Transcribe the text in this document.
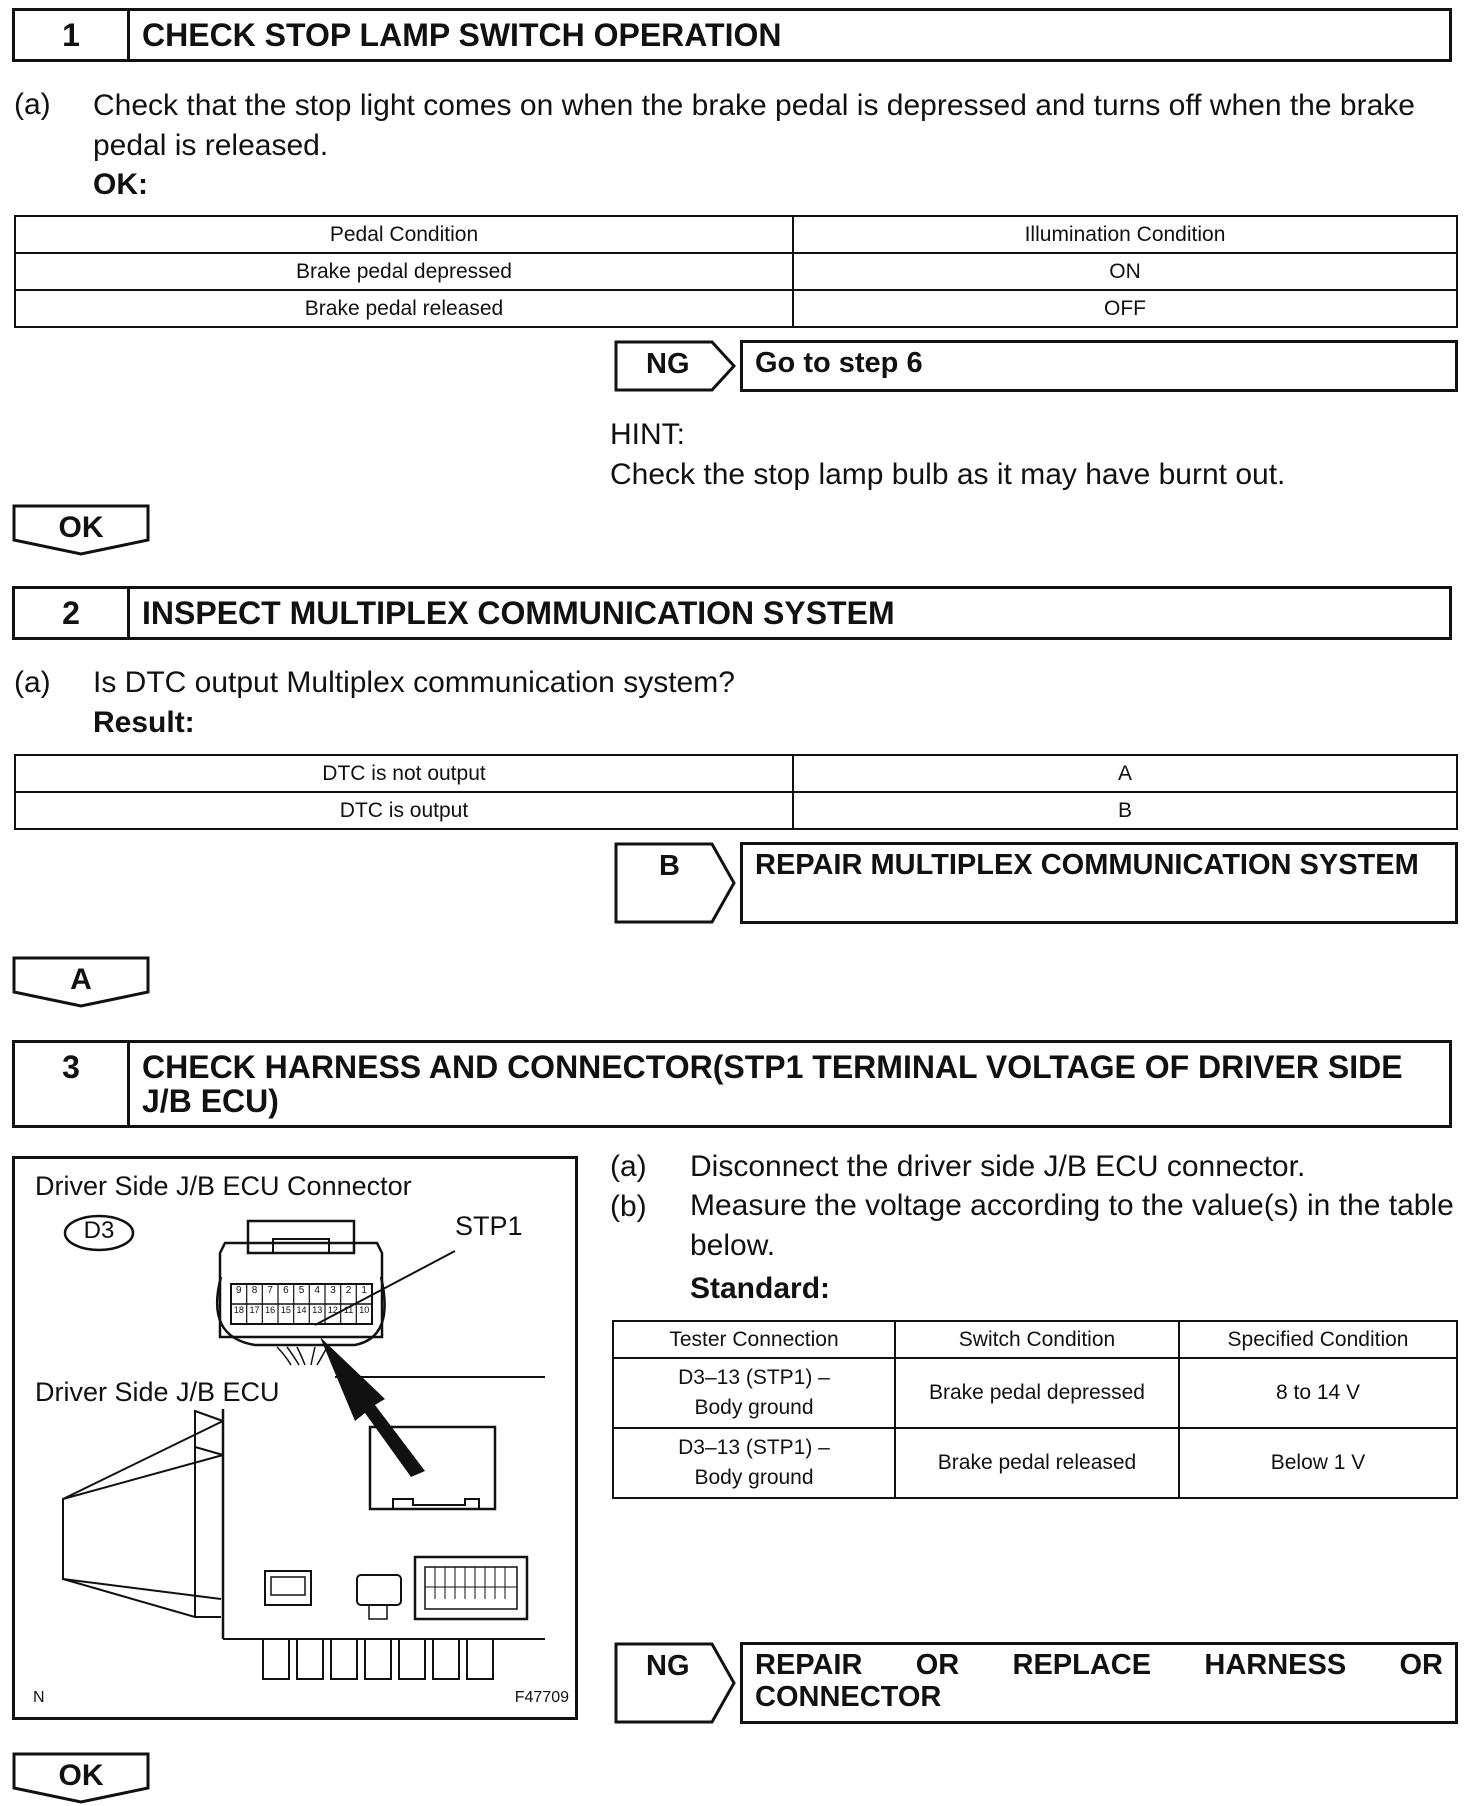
1	CHECK STOP LAMP SWITCH OPERATION
(a) Check that the stop light comes on when the brake pedal is depressed and turns off when the brake pedal is released.
OK:
Pedal Condition	Illumination Condition
Brake pedal depressed	ON
Brake pedal released	OFF
NG	Go to step 6
HINT:
Check the stop lamp bulb as it may have burnt out.
OK
2	INSPECT MULTIPLEX COMMUNICATION SYSTEM
(a) Is DTC output Multiplex communication system?
Result:
DTC is not output	A
DTC is output	B
B	REPAIR MULTIPLEX COMMUNICATION SYSTEM
A
3	CHECK HARNESS AND CONNECTOR(STP1 TERMINAL VOLTAGE OF DRIVER SIDE J/B ECU)
Driver Side J/B ECU Connector
D3	STP1
Driver Side J/B ECU
9	8	7	6	5	4	3	2	1
18 17 16 15 14 13 12 11 10
N	F47709
(a) Disconnect the driver side J/B ECU connector.
(b) Measure the voltage according to the value(s) in the table below.
Standard:
Tester Connection	Switch Condition	Specified Condition

D3–13 (STP1) –
Body ground	Brake pedal depressed	8 to 14 V

D3–13 (STP1) –
Body ground	Brake pedal released	Below 1 V
NG	REPAIR OR REPLACE HARNESS OR CONNECTOR
OK
